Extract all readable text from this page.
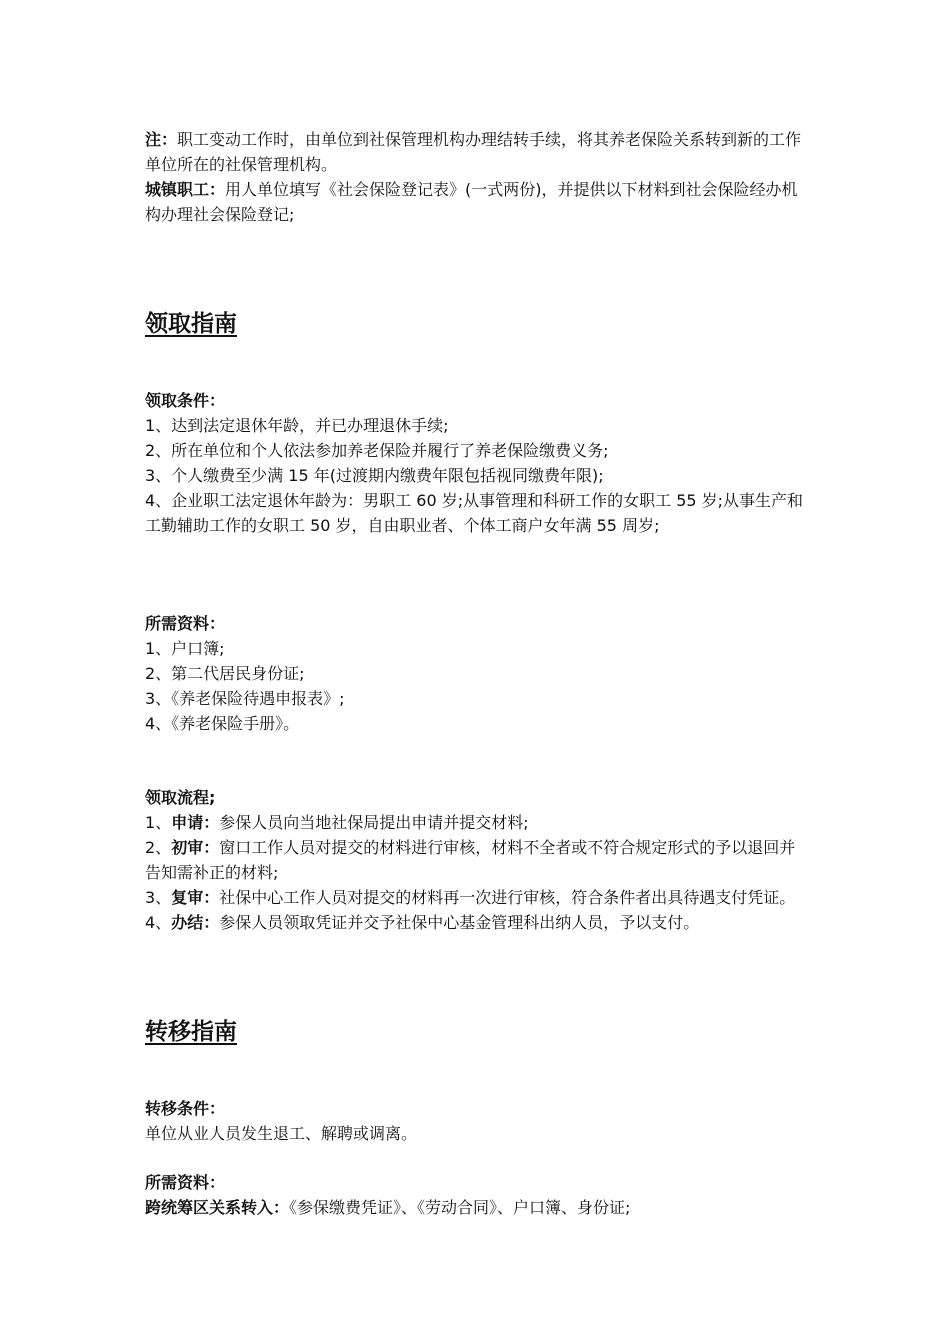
注：职工变动工作时，由单位到社保管理机构办理结转手续，将其养老保险关系转到新的工作单位所在的社保管理机构。

城镇职工：用人单位填写《社会保险登记表》(一式两份)，并提供以下材料到社会保险经办机构办理社会保险登记;

领取指南

领取条件：

1、达到法定退休年龄，并已办理退休手续;

2、所在单位和个人依法参加养老保险并履行了养老保险缴费义务;

3、个人缴费至少满 15 年(过渡期内缴费年限包括视同缴费年限);

4、企业职工法定退休年龄为：男职工 60 岁;从事管理和科研工作的女职工 55 岁;从事生产和工勤辅助工作的女职工 50 岁，自由职业者、个体工商户女年满 55 周岁;

所需资料：

1、户口簿;

2、第二代居民身份证;

3、《养老保险待遇申报表》;

4、《养老保险手册》。

领取流程;

1、申请：参保人员向当地社保局提出申请并提交材料;

2、初审：窗口工作人员对提交的材料进行审核，材料不全者或不符合规定形式的予以退回并告知需补正的材料;

3、复审：社保中心工作人员对提交的材料再一次进行审核，符合条件者出具待遇支付凭证。

4、办结：参保人员领取凭证并交予社保中心基金管理科出纳人员，予以支付。

转移指南

转移条件：

单位从业人员发生退工、解聘或调离。

所需资料：

跨统筹区关系转入：《参保缴费凭证》、《劳动合同》、户口簿、身份证;
